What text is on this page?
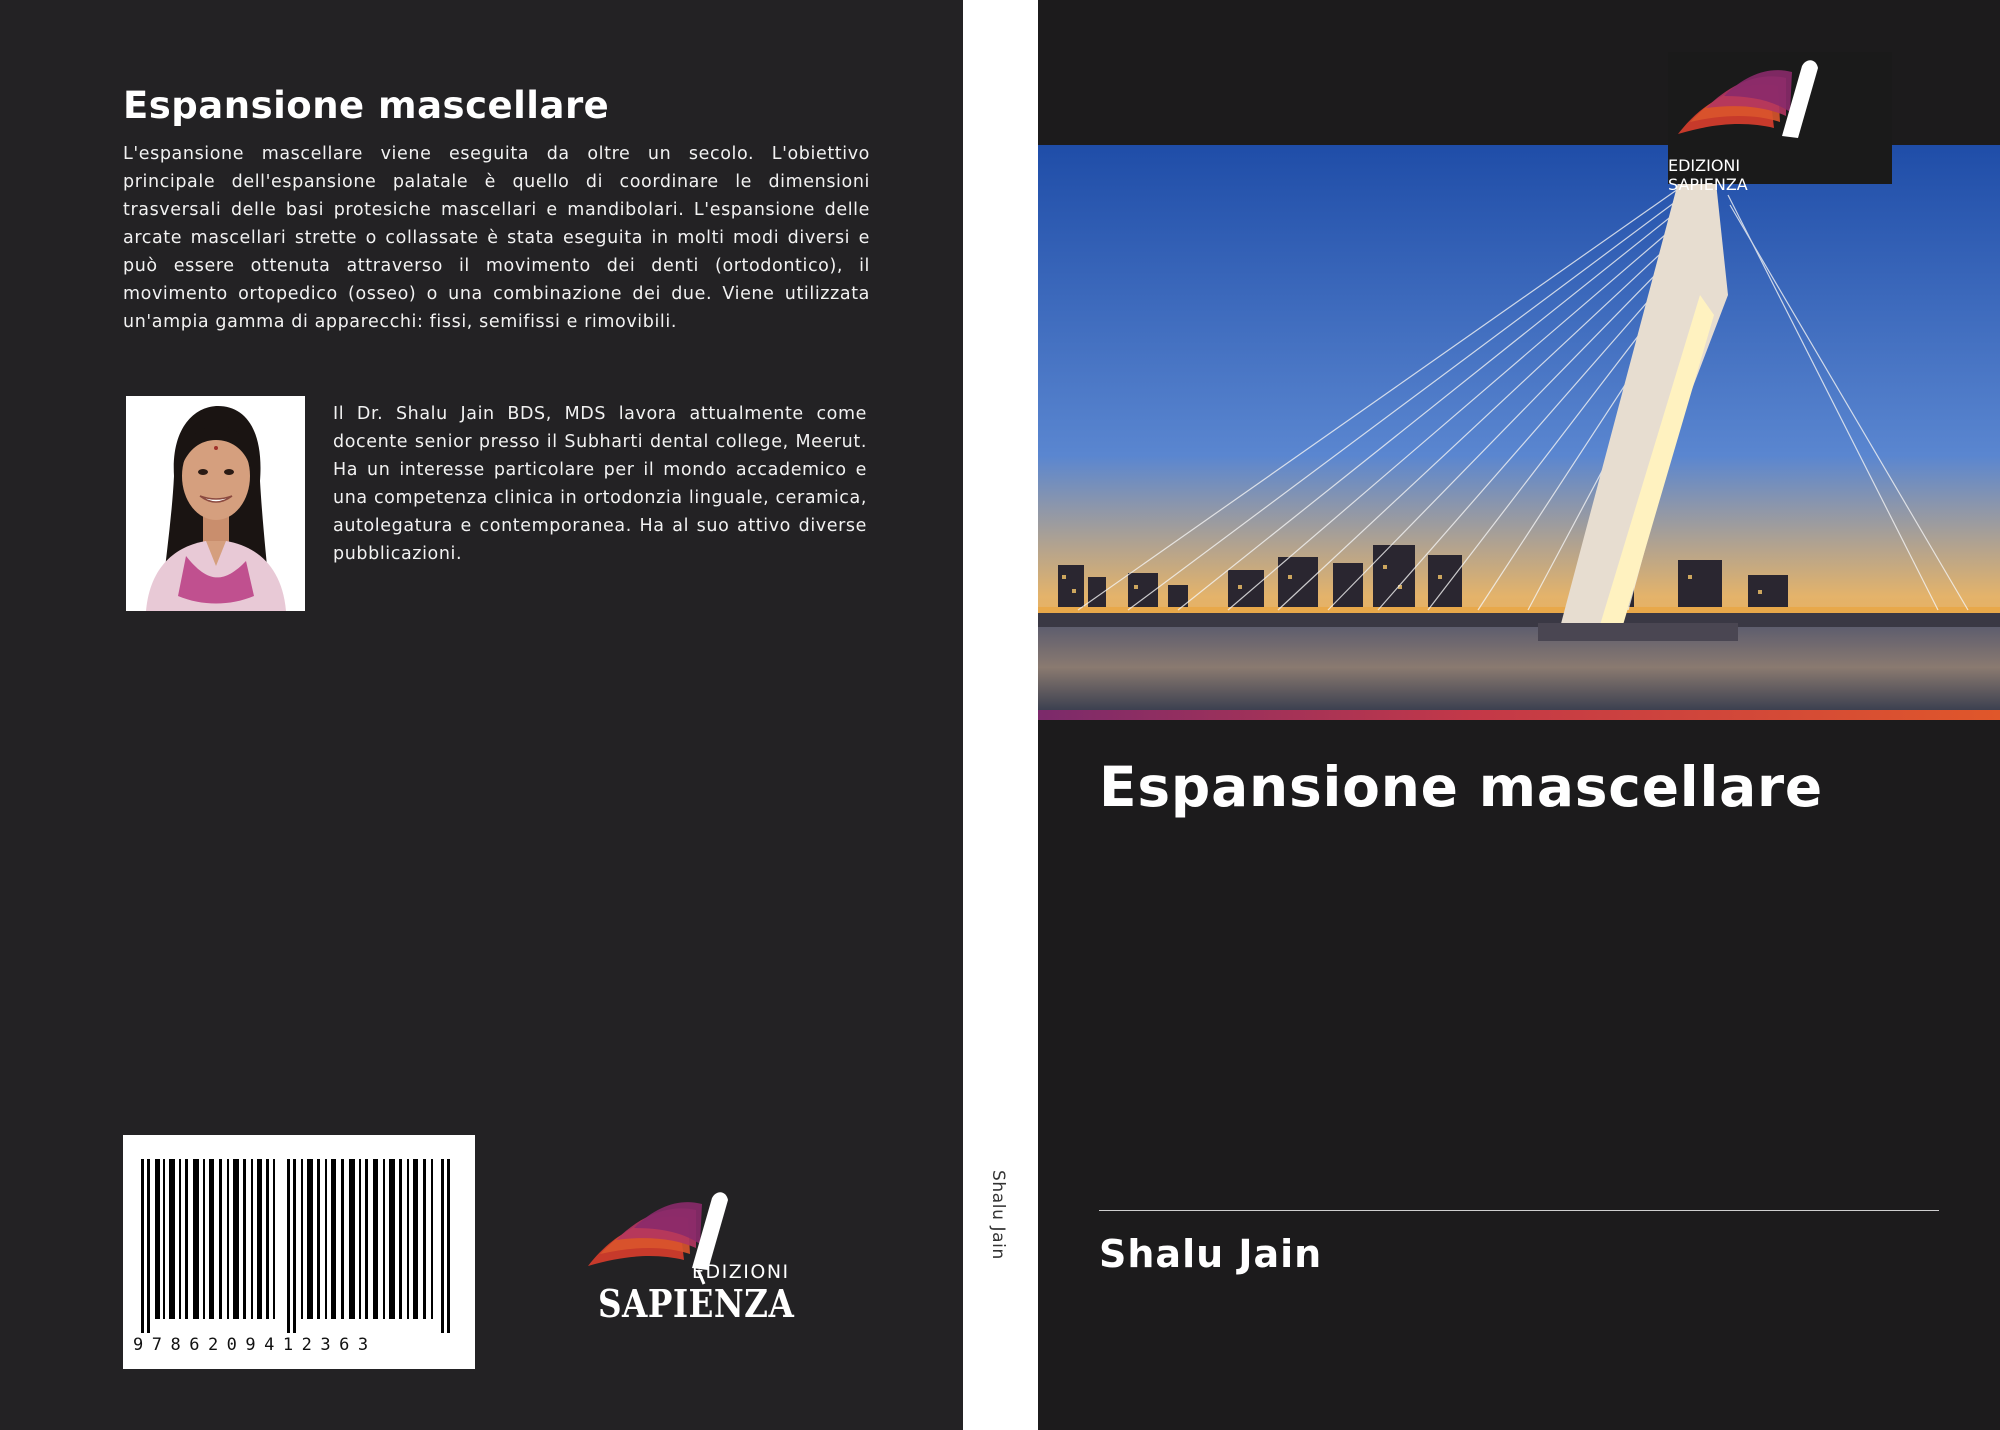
Espansione mascellare
L'espansione mascellare viene eseguita da oltre un secolo. L'obiettivo principale dell'espansione palatale è quello di coordinare le dimensioni trasversali delle basi protesiche mascellari e mandibolari. L'espansione delle arcate mascellari strette o collassate è stata eseguita in molti modi diversi e può essere ottenuta attraverso il movimento dei denti (ortodontico), il movimento ortopedico (osseo) o una combinazione dei due. Viene utilizzata un'ampia gamma di apparecchi: fissi, semifissi e rimovibili.
Il Dr. Shalu Jain BDS, MDS lavora attualmente come docente senior presso il Subharti dental college, Meerut. Ha un interesse particolare per il mondo accademico e una competenza clinica in ortodonzia linguale, ceramica, autolegatura e contemporanea. Ha al suo attivo diverse pubblicazioni.
9786209412363
EDIZIONI
SAPIENZA
Shalu Jain
EDIZIONI
SAPIENZA
Espansione mascellare
Shalu Jain
